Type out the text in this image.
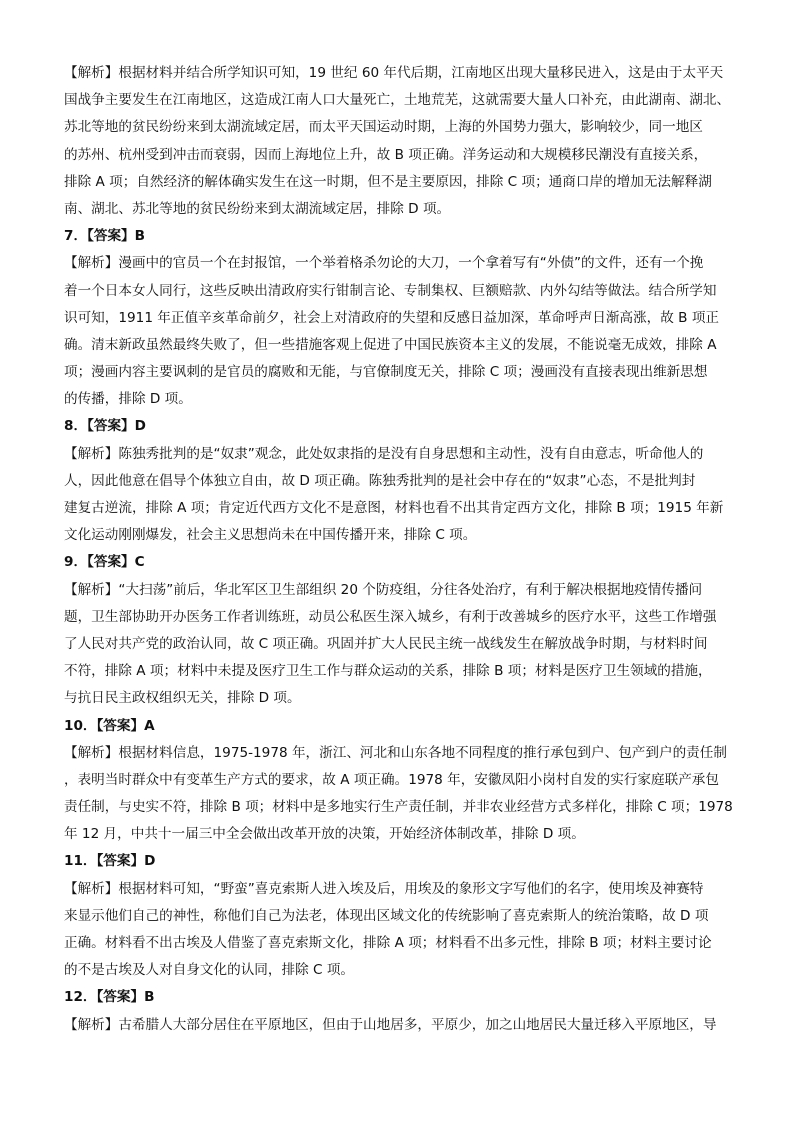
【解析】根据材料并结合所学知识可知，19 世纪 60 年代后期，江南地区出现大量移民进入，这是由于太平天
国战争主要发生在江南地区，这造成江南人口大量死亡，土地荒芜，这就需要大量人口补充，由此湖南、湖北、
苏北等地的贫民纷纷来到太湖流域定居，而太平天国运动时期，上海的外国势力强大，影响较少，同一地区
的苏州、杭州受到冲击而衰弱，因而上海地位上升，故 B 项正确。洋务运动和大规模移民潮没有直接关系，
排除 A 项；自然经济的解体确实发生在这一时期，但不是主要原因，排除 C 项；通商口岸的增加无法解释湖
南、湖北、苏北等地的贫民纷纷来到太湖流域定居，排除 D 项。
7．【答案】B
【解析】漫画中的官员一个在封报馆，一个举着格杀勿论的大刀，一个拿着写有“外债”的文件，还有一个挽
着一个日本女人同行，这些反映出清政府实行钳制言论、专制集权、巨额赔款、内外勾结等做法。结合所学知
识可知，1911 年正值辛亥革命前夕，社会上对清政府的失望和反感日益加深，革命呼声日渐高涨，故 B 项正
确。清末新政虽然最终失败了，但一些措施客观上促进了中国民族资本主义的发展，不能说毫无成效，排除 A
项；漫画内容主要讽刺的是官员的腐败和无能，与官僚制度无关，排除 C 项；漫画没有直接表现出维新思想
的传播，排除 D 项。
8．【答案】D
【解析】陈独秀批判的是“奴隶”观念，此处奴隶指的是没有自身思想和主动性，没有自由意志，听命他人的
人，因此他意在倡导个体独立自由，故 D 项正确。陈独秀批判的是社会中存在的“奴隶”心态，不是批判封
建复古逆流，排除 A 项；肯定近代西方文化不是意图，材料也看不出其肯定西方文化，排除 B 项；1915 年新
文化运动刚刚爆发，社会主义思想尚未在中国传播开来，排除 C 项。
9．【答案】C
【解析】“大扫荡”前后，华北军区卫生部组织 20 个防疫组，分往各处治疗，有利于解决根据地疫情传播问
题，卫生部协助开办医务工作者训练班，动员公私医生深入城乡，有利于改善城乡的医疗水平，这些工作增强
了人民对共产党的政治认同，故 C 项正确。巩固并扩大人民民主统一战线发生在解放战争时期，与材料时间
不符，排除 A 项；材料中未提及医疗卫生工作与群众运动的关系，排除 B 项；材料是医疗卫生领域的措施，
与抗日民主政权组织无关，排除 D 项。
10．【答案】A
【解析】根据材料信息，1975-1978 年，浙江、河北和山东各地不同程度的推行承包到户、包产到户的责任制
，表明当时群众中有变革生产方式的要求，故 A 项正确。1978 年，安徽凤阳小岗村自发的实行家庭联产承包
责任制，与史实不符，排除 B 项；材料中是多地实行生产责任制，并非农业经营方式多样化，排除 C 项；1978
年 12 月，中共十一届三中全会做出改革开放的决策，开始经济体制改革，排除 D 项。
11．【答案】D
【解析】根据材料可知，“野蛮”喜克索斯人进入埃及后，用埃及的象形文字写他们的名字，使用埃及神赛特
来显示他们自己的神性，称他们自己为法老，体现出区域文化的传统影响了喜克索斯人的统治策略，故 D 项
正确。材料看不出古埃及人借鉴了喜克索斯文化，排除 A 项；材料看不出多元性，排除 B 项；材料主要讨论
的不是古埃及人对自身文化的认同，排除 C 项。
12．【答案】B
【解析】古希腊人大部分居住在平原地区，但由于山地居多，平原少，加之山地居民大量迁移入平原地区，导
